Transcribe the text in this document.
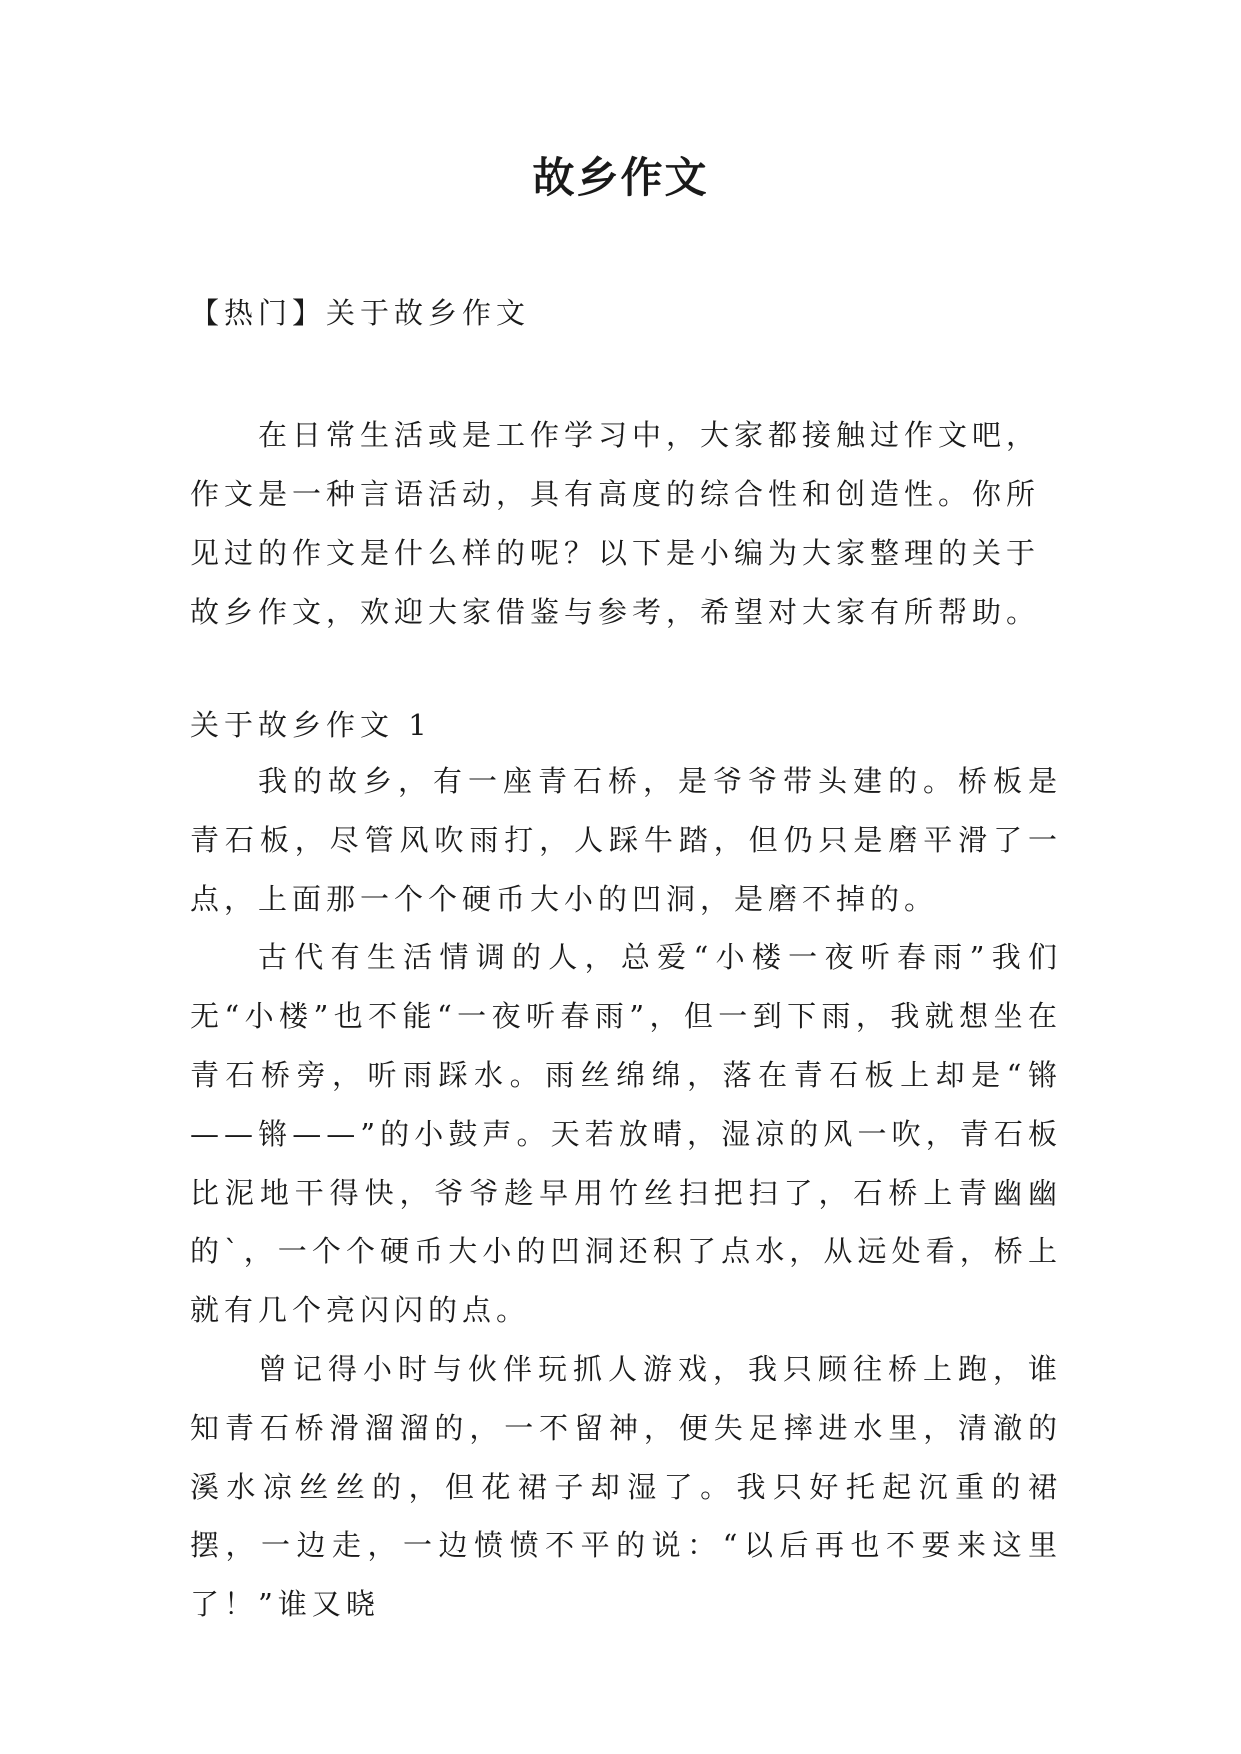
故乡作文
【热门】关于故乡作文

在日常生活或是工作学习中，大家都接触过作文吧，作文是一种言语活动，具有高度的综合性和创造性。你所见过的作文是什么样的呢？以下是小编为大家整理的关于故乡作文，欢迎大家借鉴与参考，希望对大家有所帮助。

关于故乡作文 1

我的故乡，有一座青石桥，是爷爷带头建的。桥板是青石板，尽管风吹雨打，人踩牛踏，但仍只是磨平滑了一点，上面那一个个硬币大小的凹洞，是磨不掉的。

古代有生活情调的人，总爱“小楼一夜听春雨”我们无“小楼”也不能“一夜听春雨”，但一到下雨，我就想坐在青石桥旁，听雨踩水。雨丝绵绵，落在青石板上却是“锵——锵——”的小鼓声。天若放晴，湿凉的风一吹，青石板比泥地干得快，爷爷趁早用竹丝扫把扫了，石桥上青幽幽的`，一个个硬币大小的凹洞还积了点水，从远处看，桥上就有几个亮闪闪的点。

曾记得小时与伙伴玩抓人游戏，我只顾往桥上跑，谁知青石桥滑溜溜的，一不留神，便失足摔进水里，清澈的溪水凉丝丝的，但花裙子却湿了。我只好托起沉重的裙摆，一边走，一边愤愤不平的说：“以后再也不要来这里了！”谁又晓
